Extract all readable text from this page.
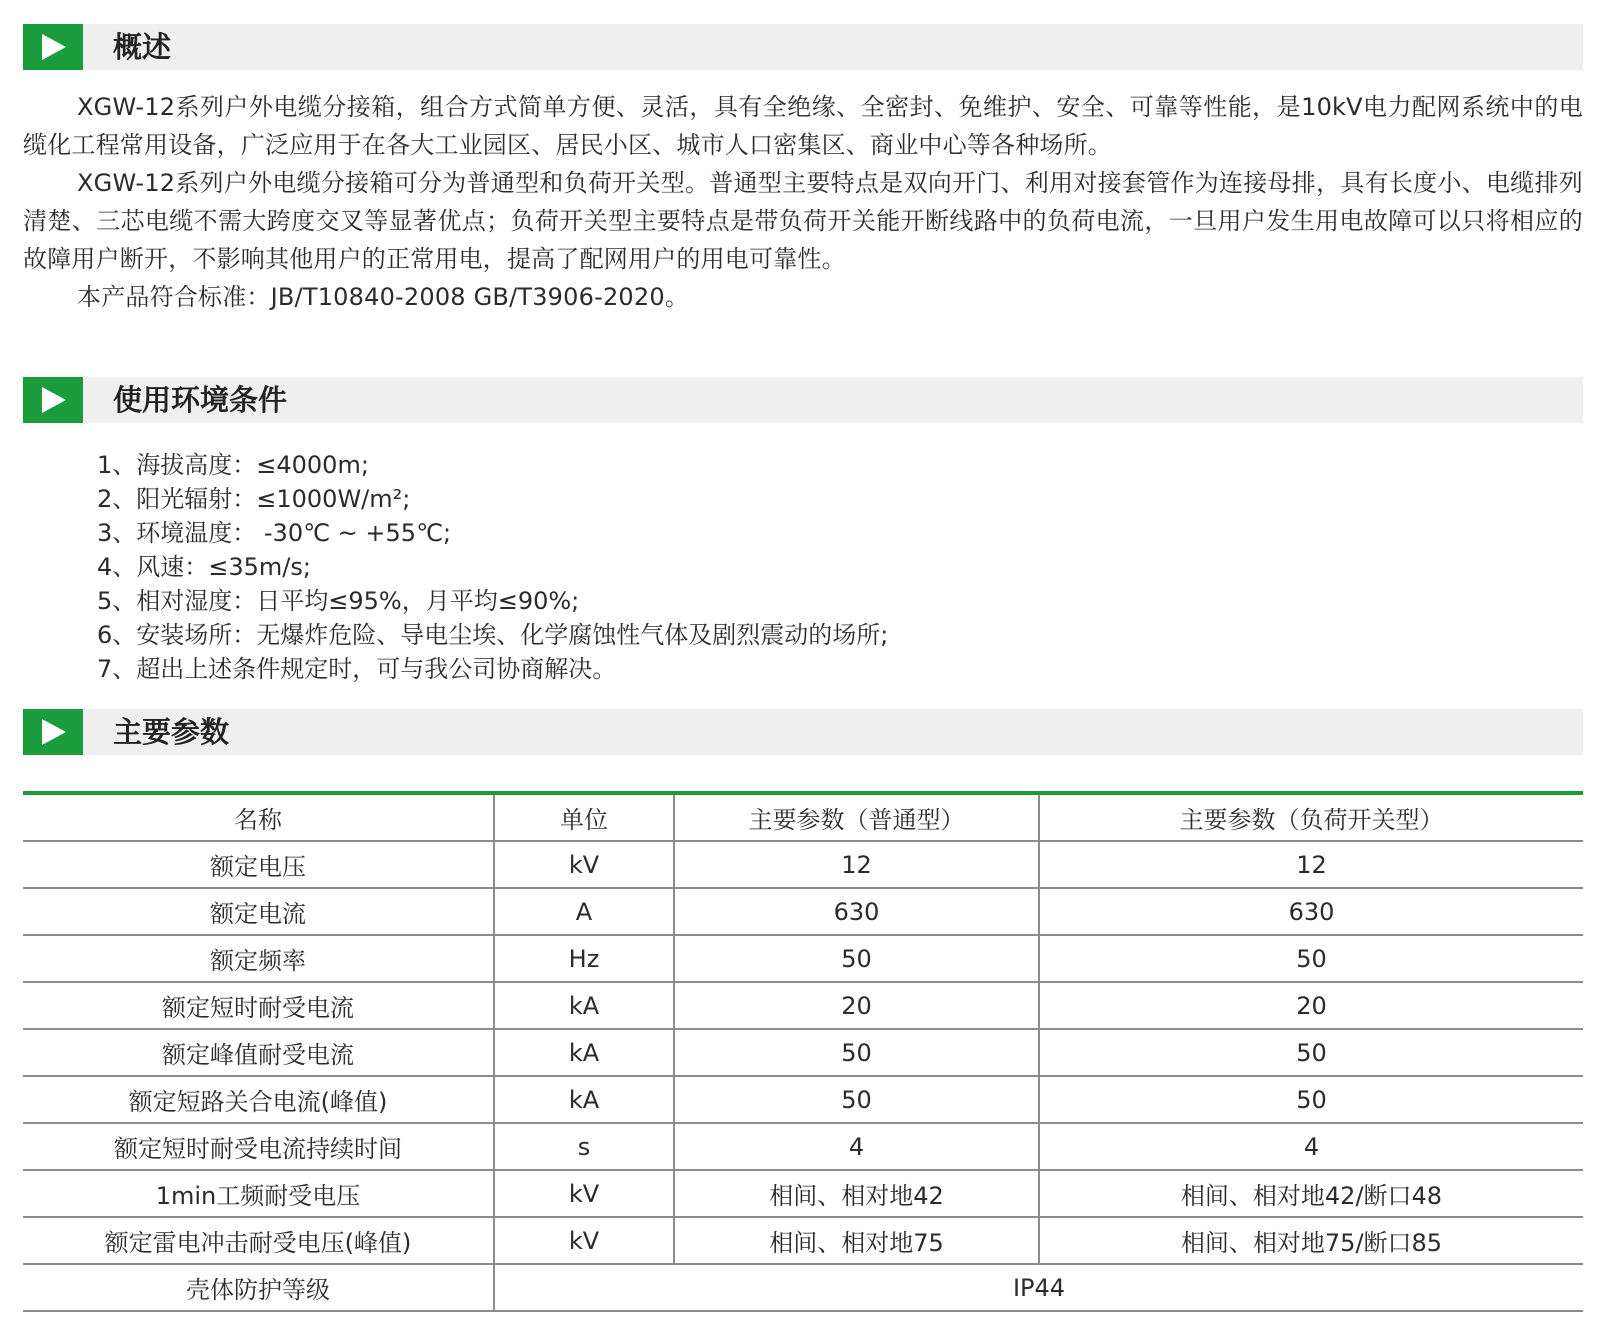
概述

XGW-12系列户外电缆分接箱，组合方式简单方便、灵活，具有全绝缘、全密封、免维护、安全、可靠等性能，是10kV电力配网系统中的电缆化工程常用设备，广泛应用于在各大工业园区、居民小区、城市人口密集区、商业中心等各种场所。

XGW-12系列户外电缆分接箱可分为普通型和负荷开关型。普通型主要特点是双向开门、利用对接套管作为连接母排，具有长度小、电缆排列清楚、三芯电缆不需大跨度交叉等显著优点；负荷开关型主要特点是带负荷开关能开断线路中的负荷电流，一旦用户发生用电故障可以只将相应的故障用户断开，不影响其他用户的正常用电，提高了配网用户的用电可靠性。

本产品符合标准：JB/T10840-2008 GB/T3906-2020。

使用环境条件
1、海拔高度：≤4000m;
2、阳光辐射：≤1000W/m²;
3、环境温度： -30℃ ~ +55℃;
4、风速：≤35m/s;
5、相对湿度：日平均≤95%，月平均≤90%;
6、安装场所：无爆炸危险、导电尘埃、化学腐蚀性气体及剧烈震动的场所;
7、超出上述条件规定时，可与我公司协商解决。
主要参数
名称	单位	主要参数（普通型）	主要参数（负荷开关型）
额定电压	kV	12	12
额定电流	A	630	630
额定频率	Hz	50	50
额定短时耐受电流	kA	20	20
额定峰值耐受电流	kA	50	50
额定短路关合电流(峰值)	kA	50	50
额定短时耐受电流持续时间	s	4	4
1min工频耐受电压	kV	相间、相对地42	相间、相对地42/断口48
额定雷电冲击耐受电压(峰值)	kV	相间、相对地75	相间、相对地75/断口85
壳体防护等级	IP44		
